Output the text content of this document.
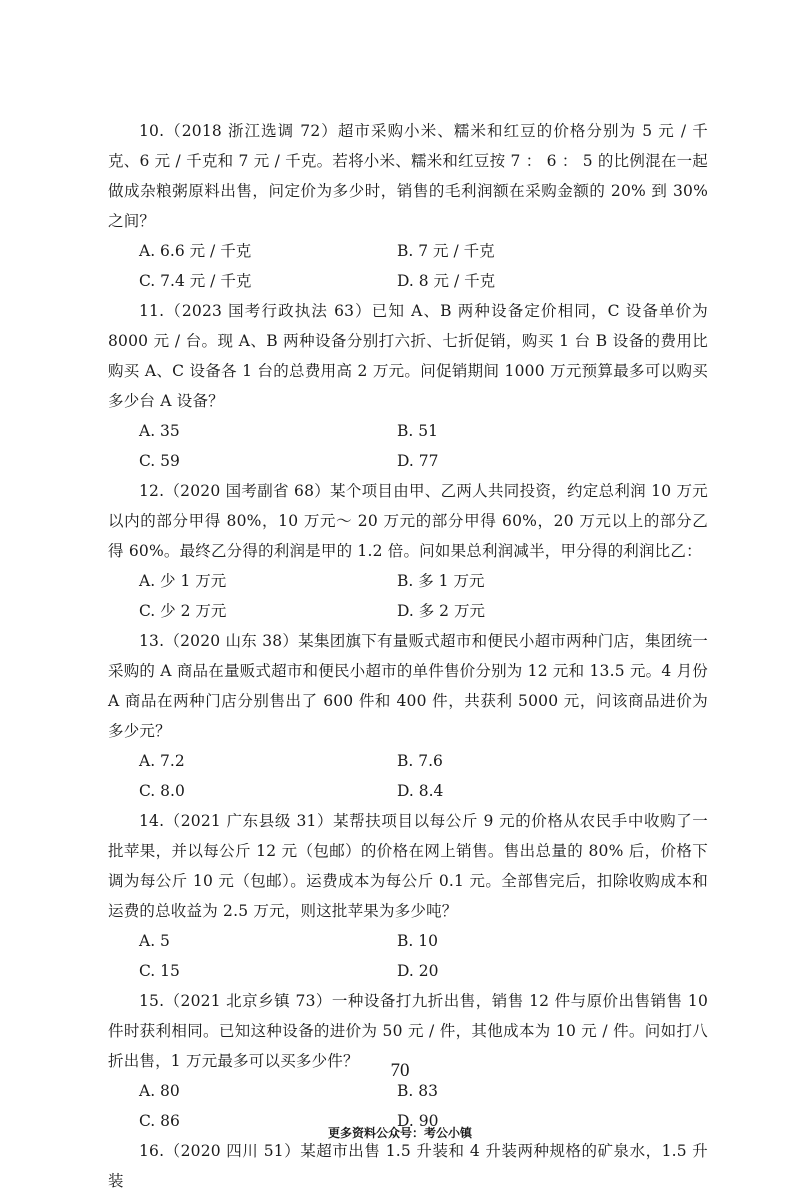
10.（2018 浙江选调 72）超市采购小米、糯米和红豆的价格分别为 5 元 / 千克、6 元 / 千克和 7 元 / 千克。若将小米、糯米和红豆按 7 ： 6 ： 5 的比例混在一起做成杂粮粥原料出售，问定价为多少时，销售的毛利润额在采购金额的 20% 到 30% 之间？

A. 6.6 元 / 千克	B. 7 元 / 千克
C. 7.4 元 / 千克	D. 8 元 / 千克

11.（2023 国考行政执法 63）已知 A、B 两种设备定价相同，C 设备单价为 8000 元 / 台。现 A、B 两种设备分别打六折、七折促销，购买 1 台 B 设备的费用比购买 A、C 设备各 1 台的总费用高 2 万元。问促销期间 1000 万元预算最多可以购买多少台 A 设备？

A. 35	B. 51
C. 59	D. 77

12.（2020 国考副省 68）某个项目由甲、乙两人共同投资，约定总利润 10 万元以内的部分甲得 80%，10 万元～ 20 万元的部分甲得 60%，20 万元以上的部分乙得 60%。最终乙分得的利润是甲的 1.2 倍。问如果总利润减半，甲分得的利润比乙：

A. 少 1 万元	B. 多 1 万元
C. 少 2 万元	D. 多 2 万元

13.（2020 山东 38）某集团旗下有量贩式超市和便民小超市两种门店，集团统一采购的 A 商品在量贩式超市和便民小超市的单件售价分别为 12 元和 13.5 元。4 月份 A 商品在两种门店分别售出了 600 件和 400 件，共获利 5000 元，问该商品进价为多少元？

A. 7.2	B. 7.6
C. 8.0	D. 8.4

14.（2021 广东县级 31）某帮扶项目以每公斤 9 元的价格从农民手中收购了一批苹果，并以每公斤 12 元（包邮）的价格在网上销售。售出总量的 80% 后，价格下调为每公斤 10 元（包邮）。运费成本为每公斤 0.1 元。全部售完后，扣除收购成本和运费的总收益为 2.5 万元，则这批苹果为多少吨？

A. 5	B. 10
C. 15	D. 20

15.（2021 北京乡镇 73）一种设备打九折出售，销售 12 件与原价出售销售 10 件时获利相同。已知这种设备的进价为 50 元 / 件，其他成本为 10 元 / 件。问如打八折出售，1 万元最多可以买多少件？

A. 80	B. 83
C. 86	D. 90

16.（2020 四川 51）某超市出售 1.5 升装和 4 升装两种规格的矿泉水，1.5 升装

70
更多资料公众号：考公小镇
